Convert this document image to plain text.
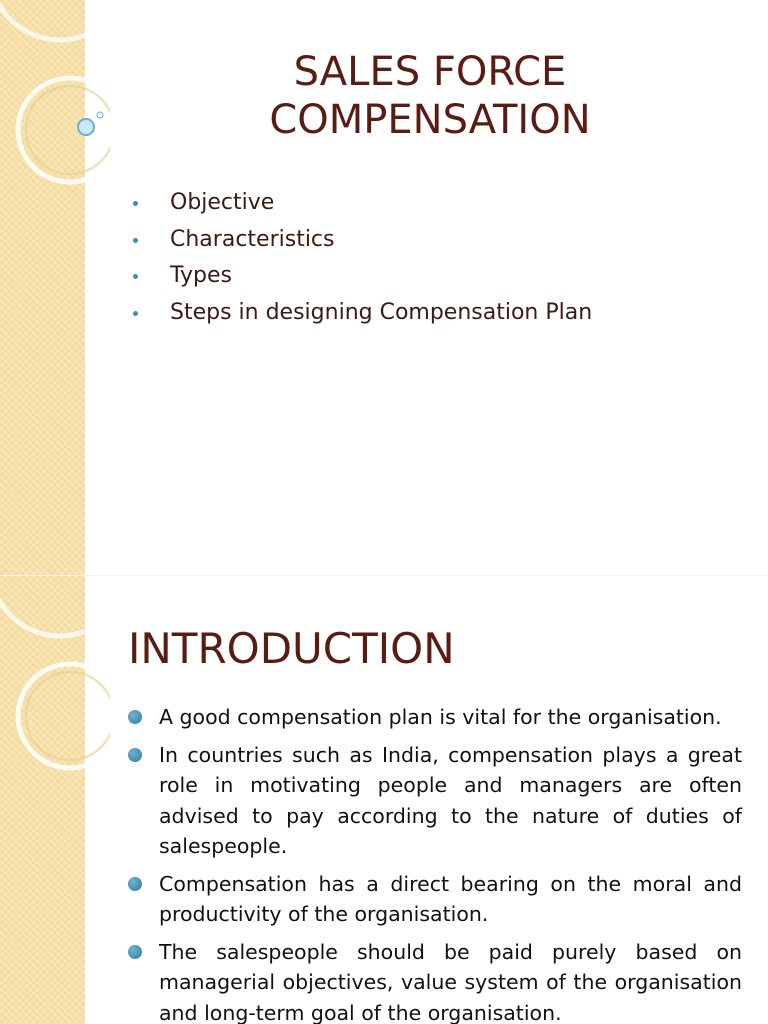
SALES FORCE
COMPENSATION
Objective
Characteristics
Types
Steps in designing Compensation Plan
INTRODUCTION
A good compensation plan is vital for the organisation.
In countries such as India, compensation plays a great role in motivating people and managers are often advised to pay according to the nature of duties of salespeople.
Compensation has a direct bearing on the moral and productivity of the organisation.
The salespeople should be paid purely based on managerial objectives, value system of the organisation and long-term goal of the organisation.
